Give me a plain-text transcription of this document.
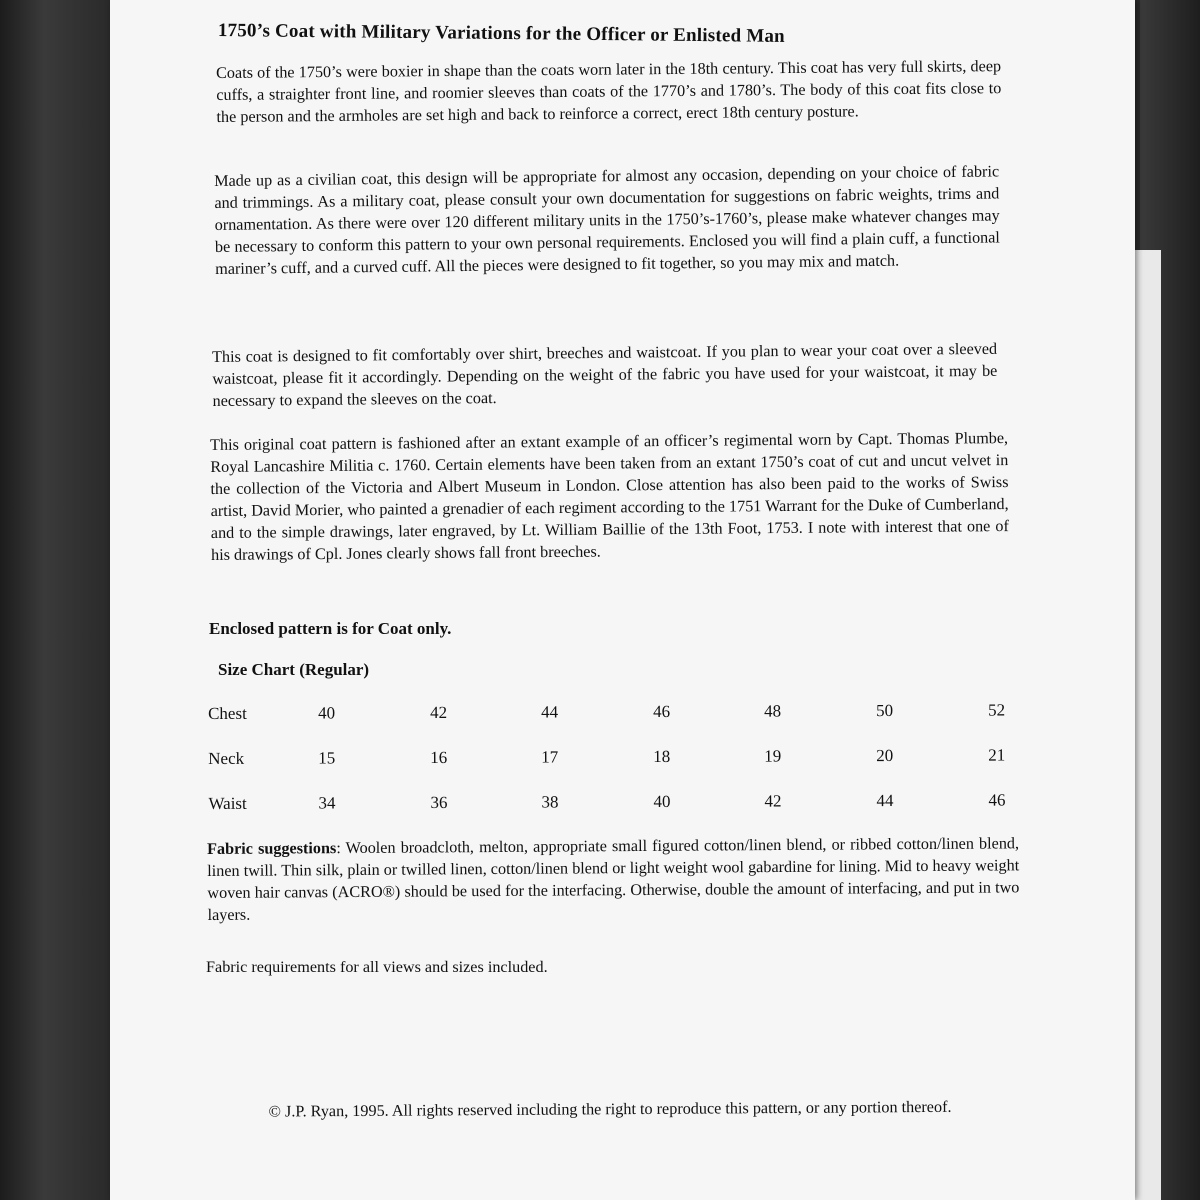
1750’s Coat with Military Variations for the Officer or Enlisted Man
Coats of the 1750’s were boxier in shape than the coats worn later in the 18th century. This coat has very full skirts, deep cuffs, a straighter front line, and roomier sleeves than coats of the 1770’s and 1780’s. The body of this coat fits close to the person and the armholes are set high and back to reinforce a correct, erect 18th century posture.
Made up as a civilian coat, this design will be appropriate for almost any occasion, depending on your choice of fabric and trimmings. As a military coat, please consult your own documentation for suggestions on fabric weights, trims and ornamentation. As there were over 120 different military units in the 1750’s-1760’s, please make whatever changes may be necessary to conform this pattern to your own personal requirements. Enclosed you will find a plain cuff, a functional mariner’s cuff, and a curved cuff. All the pieces were designed to fit together, so you may mix and match.
This coat is designed to fit comfortably over shirt, breeches and waistcoat. If you plan to wear your coat over a sleeved waistcoat, please fit it accordingly. Depending on the weight of the fabric you have used for your waistcoat, it may be necessary to expand the sleeves on the coat.
This original coat pattern is fashioned after an extant example of an officer’s regimental worn by Capt. Thomas Plumbe, Royal Lancashire Militia c. 1760. Certain elements have been taken from an extant 1750’s coat of cut and uncut velvet in the collection of the Victoria and Albert Museum in London. Close attention has also been paid to the works of Swiss artist, David Morier, who painted a grenadier of each regiment according to the 1751 Warrant for the Duke of Cumberland, and to the simple drawings, later engraved, by Lt. William Baillie of the 13th Foot, 1753. I note with interest that one of his drawings of Cpl. Jones clearly shows fall front breeches.
Enclosed pattern is for Coat only.
Size Chart (Regular)
Chest	40	42	44	46	48	50	52
Neck	15	16	17	18	19	20	21
Waist	34	36	38	40	42	44	46
Fabric suggestions: Woolen broadcloth, melton, appropriate small figured cotton/linen blend, or ribbed cotton/linen blend, linen twill. Thin silk, plain or twilled linen, cotton/linen blend or light weight wool gabardine for lining. Mid to heavy weight woven hair canvas (ACRO®) should be used for the interfacing. Otherwise, double the amount of interfacing, and put in two layers.
Fabric requirements for all views and sizes included.
© J.P. Ryan, 1995. All rights reserved including the right to reproduce this pattern, or any portion thereof.
